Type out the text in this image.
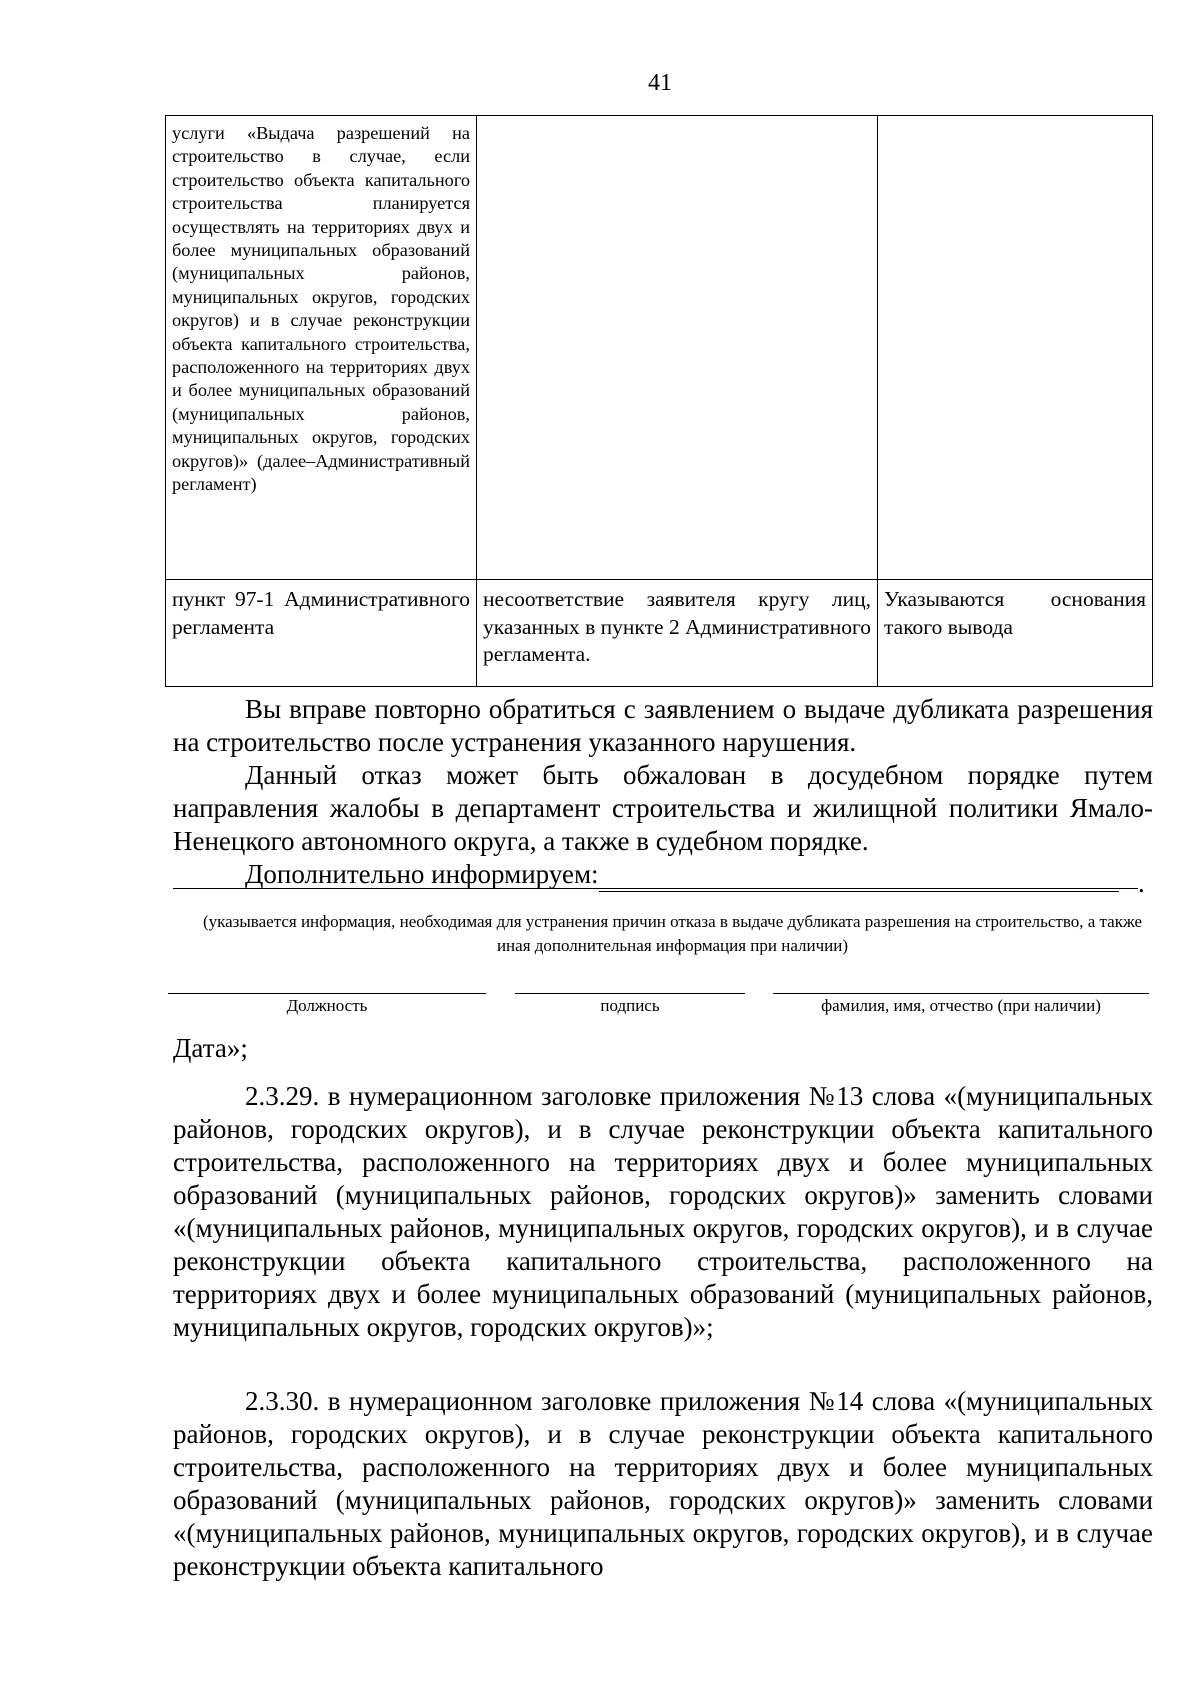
41
услуги «Выдача разрешений на строительство в случае, если строительство объекта капитального строительства планируется осуществлять на территориях двух и более муниципальных образований (муниципальных районов, муниципальных округов, городских округов) и в случае реконструкции объекта капитального строительства, расположенного на территориях двух и более муниципальных образований (муниципальных районов, муниципальных округов, городских округов)» (далее–Административный регламент)		
пункт 97-1 Административного регламента	несоответствие заявителя кругу лиц, указанных в пункте 2 Административного регламента.	Указываются основания такого вывода

Вы вправе повторно обратиться с заявлением о выдаче дубликата разрешения на строительство после устранения указанного нарушения.

Данный отказ может быть обжалован в досудебном порядке путем направления жалобы в департамент строительства и жилищной политики Ямало-Ненецкого автономного округа, а также в судебном порядке.

Дополнительно информируем:	.
(указывается информация, необходимая для устранения причин отказа в выдаче дубликата разрешения на строительство, а также иная дополнительная информация при наличии)
Должность	подпись	фамилия, имя, отчество (при наличии)
Дата»;

2.3.29. в нумерационном заголовке приложения №13 слова «(муниципальных районов, городских округов), и в случае реконструкции объекта капитального строительства, расположенного на территориях двух и более муниципальных образований (муниципальных районов, городских округов)» заменить словами «(муниципальных районов, муниципальных округов, городских округов), и в случае реконструкции объекта капитального строительства, расположенного на территориях двух и более муниципальных образований (муниципальных районов, муниципальных округов, городских округов)»;

2.3.30. в нумерационном заголовке приложения №14 слова «(муниципальных районов, городских округов), и в случае реконструкции объекта капитального строительства, расположенного на территориях двух и более муниципальных образований (муниципальных районов, городских округов)» заменить словами «(муниципальных районов, муниципальных округов, городских округов), и в случае реконструкции объекта капитального
